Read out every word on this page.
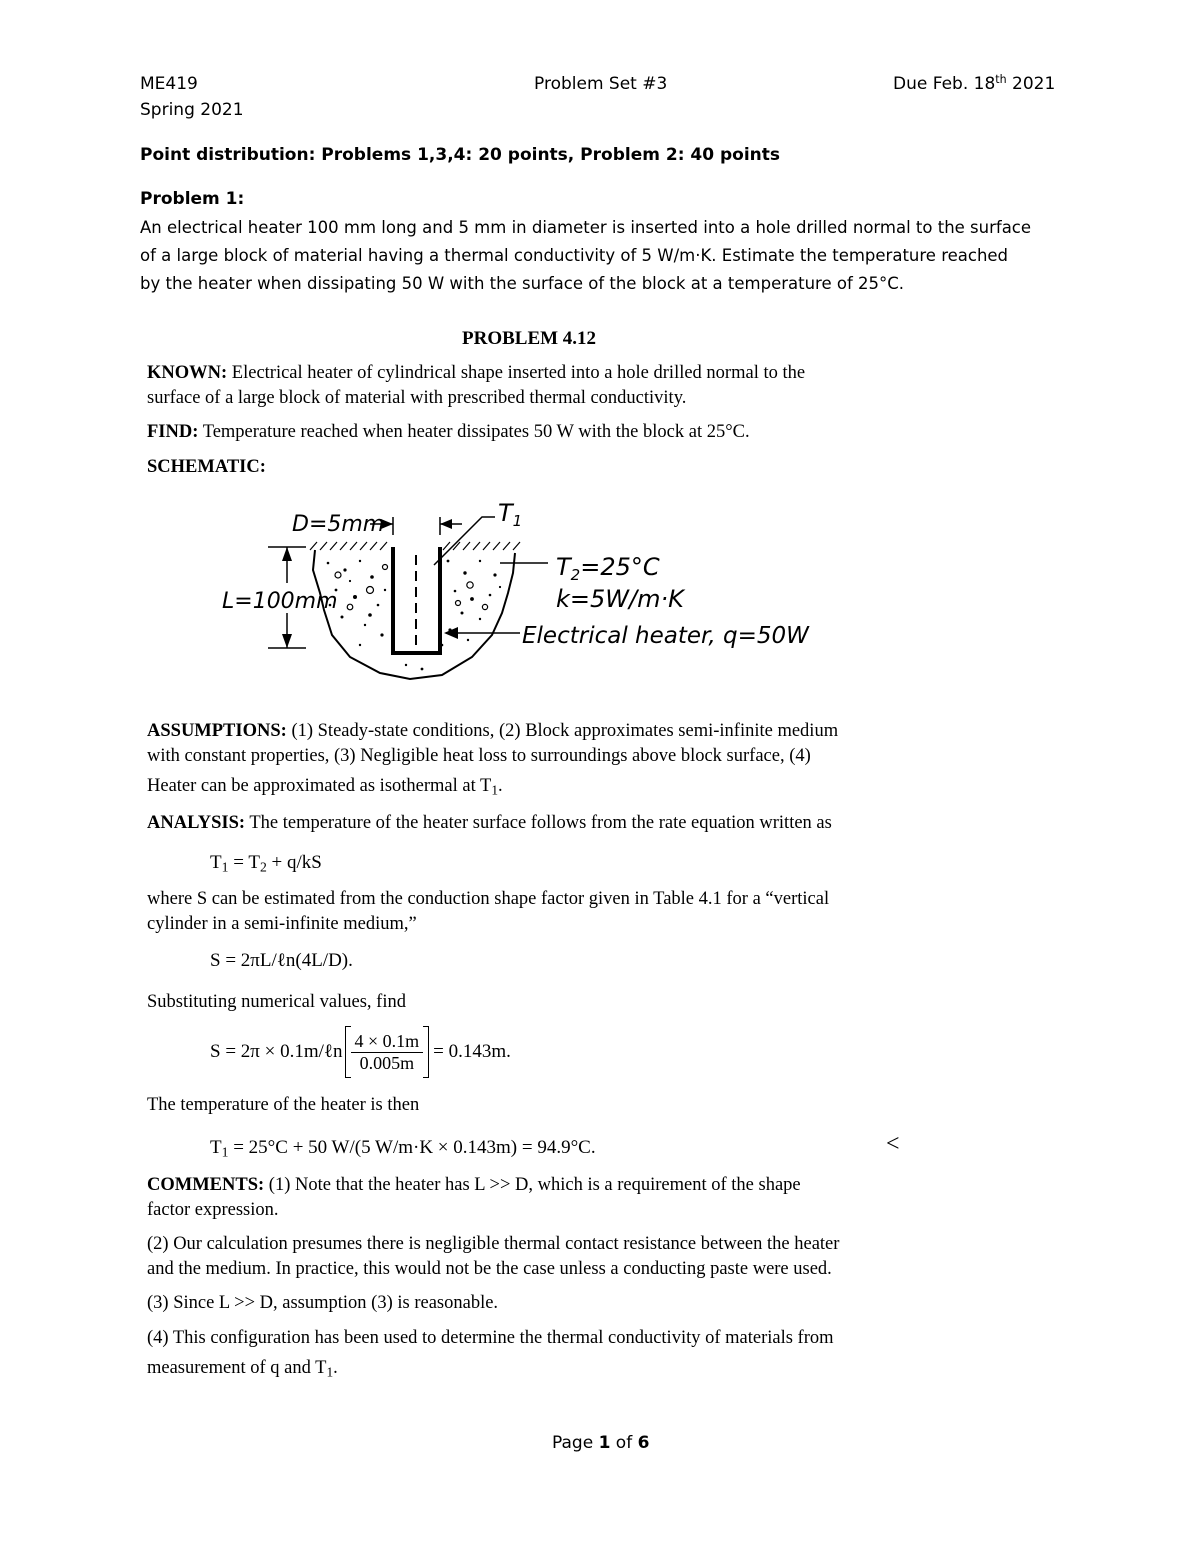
ME419
Spring 2021
Problem Set #3	Due Feb. 18th 2021
Point distribution: Problems 1,3,4: 20 points, Problem 2: 40 points
Problem 1:
An electrical heater 100 mm long and 5 mm in diameter is inserted into a hole drilled normal to the surface
of a large block of material having a thermal conductivity of 5 W/m·K. Estimate the temperature reached
by the heater when dissipating 50 W with the surface of the block at a temperature of 25°C.
PROBLEM 4.12
KNOWN: Electrical heater of cylindrical shape inserted into a hole drilled normal to the
surface of a large block of material with prescribed thermal conductivity.
FIND: Temperature reached when heater dissipates 50 W with the block at 25°C.
SCHEMATIC:
D=5mm	$T_1$
$T_2=25^\circ C$
k=5W/m·K
Electrical heater, q=50W
L=100mm
ASSUMPTIONS: (1) Steady-state conditions, (2) Block approximates semi-infinite medium
with constant properties, (3) Negligible heat loss to surroundings above block surface, (4)
Heater can be approximated as isothermal at $T_1$.
ANALYSIS: The temperature of the heater surface follows from the rate equation written as
$T_1 = T_2 + q/kS$
where S can be estimated from the conduction shape factor given in Table 4.1 for a “vertical
cylinder in a semi-infinite medium,”
S = 2πL/ℓn(4L/D).
Substituting numerical values, find
S = 2π × 0.1m/ℓn $\frac{4 \times 0.1m}{0.005m} = 0.143m$.
The temperature of the heater is then
$T_1 = 25^\circ C + 50$ W/(5 W/m·K × 0.143m) = 94.9°C.	<
COMMENTS: (1) Note that the heater has L >> D, which is a requirement of the shape
factor expression.
(2) Our calculation presumes there is negligible thermal contact resistance between the heater
and the medium. In practice, this would not be the case unless a conducting paste were used.
(3) Since L >> D, assumption (3) is reasonable.
(4) This configuration has been used to determine the thermal conductivity of materials from
measurement of q and $T_1$.
Page 1 of 6
